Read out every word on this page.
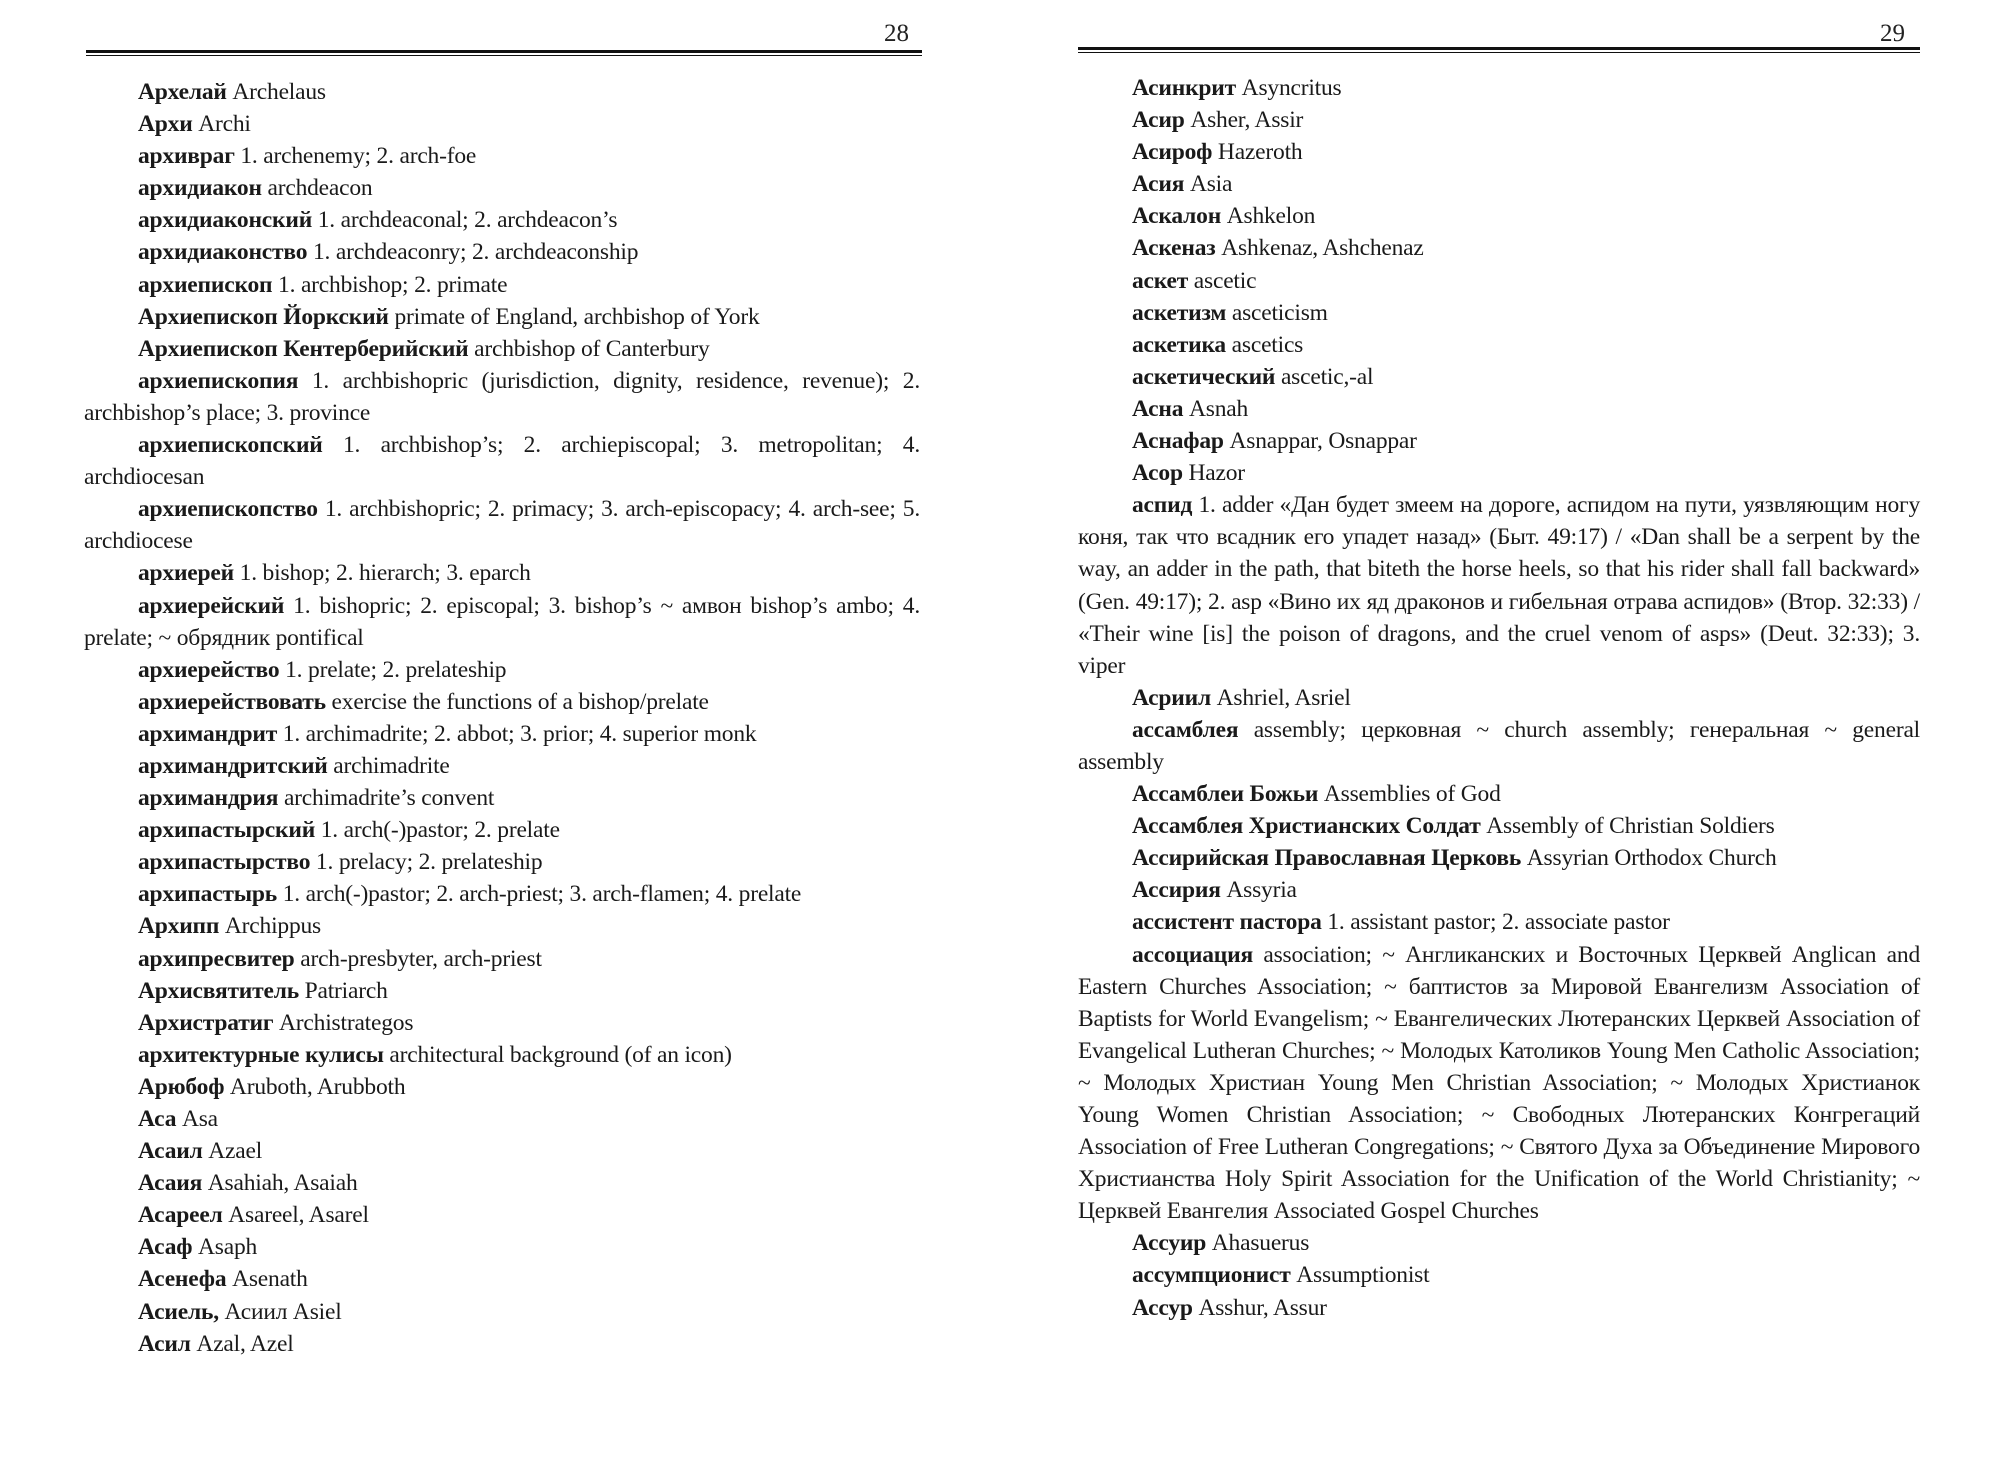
28
Архелай Archelaus
Архи Archi
архивраг 1. archenemy; 2. arch-foe
архидиакон archdeacon
архидиаконский 1. archdeaconal; 2. archdeacon’s
архидиаконство 1. archdeaconry; 2. archdeaconship
архиепископ 1. archbishop; 2. primate
Архиепископ Йоркский primate of England, archbishop of York
Архиепископ Кентерберийский archbishop of Canterbury
архиепископия 1. archbishopric (jurisdiction, dignity, residence, revenue); 2. archbishop’s place; 3. province
архиепископский 1. archbishop’s; 2. archiepiscopal; 3. metropolitan; 4. archdiocesan
архиепископство 1. archbishopric; 2. primacy; 3. arch-episcopacy; 4. arch-see; 5. archdiocese
архиерей 1. bishop; 2. hierarch; 3. eparch
архиерейский 1. bishopric; 2. episcopal; 3. bishop’s ~ амвон bishop’s ambo; 4. prelate; ~ обрядник pontifical
архиерейство 1. prelate; 2. prelateship
архиерействовать exercise the functions of a bishop/prelate
архимандрит 1. archimadrite; 2. abbot; 3. prior; 4. superior monk
архимандритский archimadrite
архимандрия archimadrite’s convent
архипастырский 1. arch(-)pastor; 2. prelate
архипастырство 1. prelacy; 2. prelateship
архипастырь 1. arch(-)pastor; 2. arch-priest; 3. arch-flamen; 4. prelate
Архипп Archippus
архипресвитер arch-presbyter, arch-priest
Архисвятитель Patriarch
Архистратиг Archistrategos
архитектурные кулисы architectural background (of an icon)
Арюбоф Aruboth, Arubboth
Аса Asa
Асаил Azael
Асаия Asahiah, Asaiah
Асареел Asareel, Asarel
Асаф Asaph
Асенефа Asenath
Асиель, Асиил Asiel
Асил Azal, Azel
29
Асинкрит Asyncritus
Асир Asher, Assir
Асироф Hazeroth
Асия Asia
Аскалон Ashkelon
Аскеназ Ashkenaz, Ashchenaz
аскет ascetic
аскетизм asceticism
аскетика ascetics
аскетический ascetic,-al
Асна Asnah
Аснафар Asnappar, Osnappar
Асор Hazor
аспид 1. adder «Дан будет змеем на дороге, аспидом на пути, уязвляющим ногу коня, так что всадник его упадет назад» (Быт. 49:17) / «Dan shall be a serpent by the way, an adder in the path, that biteth the horse heels, so that his rider shall fall backward» (Gen. 49:17); 2. asp «Вино их яд драконов и гибельная отрава аспидов» (Втор. 32:33) / «Their wine [is] the poison of dragons, and the cruel venom of asps» (Deut. 32:33); 3. viper
Асриил Ashriel, Asriel
ассамблея assembly; церковная ~ church assembly; генеральная ~ general assembly
Ассамблеи Божьи Assemblies of God
Ассамблея Христианских Солдат Assembly of Christian Soldiers
Ассирийская Православная Церковь Assyrian Orthodox Church
Ассирия Assyria
ассистент пастора 1. assistant pastor; 2. associate pastor
ассоциация association; ~ Англиканских и Восточных Церквей Anglican and Eastern Churches Association; ~ баптистов за Мировой Евангелизм Association of Baptists for World Evangelism; ~ Евангелических Лютеранских Церквей Association of Evangelical Lutheran Churches; ~ Молодых Католиков Young Men Catholic Association; ~ Молодых Христиан Young Men Christian Association; ~ Молодых Христианок Young Women Christian Association; ~ Свободных Лютеранских Конгрегаций Association of Free Lutheran Congregations; ~ Святого Духа за Объединение Мирового Христианства Holy Spirit Association for the Unification of the World Christianity; ~ Церквей Евангелия Associated Gospel Churches
Ассуир Ahasuerus
ассумпционист Assumptionist
Ассур Asshur, Assur
